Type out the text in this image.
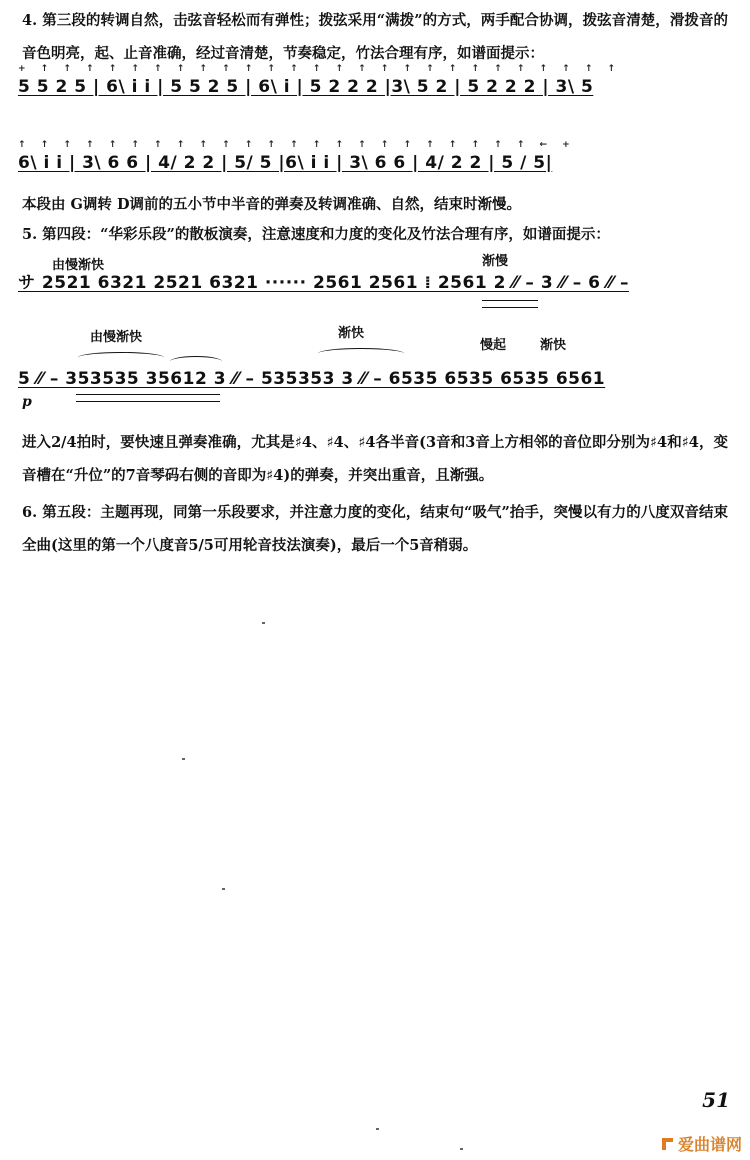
4. 第三段的转调自然，击弦音轻松而有弹性；拨弦采用“满拨”的方式，两手配合协调，拨弦音清楚，滑拨音的音色明亮，起、止音准确，经过音清楚，节奏稳定，竹法合理有序，如谱面提示：
+ ↑ ↑ ↑ ↑ ↑ ↑ ↑ ↑ ↑ ↑ ↑ ↑ ↑ ↑ ↑ ↑ ↑ ↑ ↑ ↑ ↑ ↑ ↑ ↑ ↑ ↑
5 5 2 5 | 6\ i i | 5 5 2 5 | 6\ i | 5 2 2 2 |3\ 5 2 | 5 2 2 2 | 3\ 5
↑ ↑ ↑ ↑ ↑ ↑ ↑ ↑ ↑ ↑ ↑ ↑ ↑ ↑ ↑ ↑ ↑ ↑ ↑ ↑ ↑ ↑ ↑ ← +
6\ i i | 3\ 6 6 | 4/ 2 2 | 5/ 5 |6\ i i | 3\ 6 6 | 4/ 2 2 | 5 / 5|
本段由 G调转 D调前的五小节中半音的弹奏及转调准确、自然，结束时渐慢。
5. 第四段：“华彩乐段”的散板演奏，注意速度和力度的变化及竹法合理有序，如谱面提示：
由慢渐快	渐慢
サ 2521 6321 2521 6321 ······ 2561 2561 ⁞ 2561 2 ⁄⁄ – 3 ⁄⁄ – 6 ⁄⁄ –
由慢渐快	渐快
慢起	渐快
5 ⁄⁄ – 353535 35612 3 ⁄⁄ – 535353 3 ⁄⁄ – 6535 6535 6535 6561
p
进入2/4拍时，要快速且弹奏准确，尤其是♯4、♯4、♯4各半音(3音和3音上方相邻的音位即分别为♯4和♯4，变音槽在“升位”的7音琴码右侧的音即为♯4)的弹奏，并突出重音，且渐强。
6. 第五段：主题再现，同第一乐段要求，并注意力度的变化，结束句“吸气”抬手，突慢以有力的八度双音结束全曲(这里的第一个八度音5/5可用轮音技法演奏)，最后一个5音稍弱。
51
爱曲谱网
